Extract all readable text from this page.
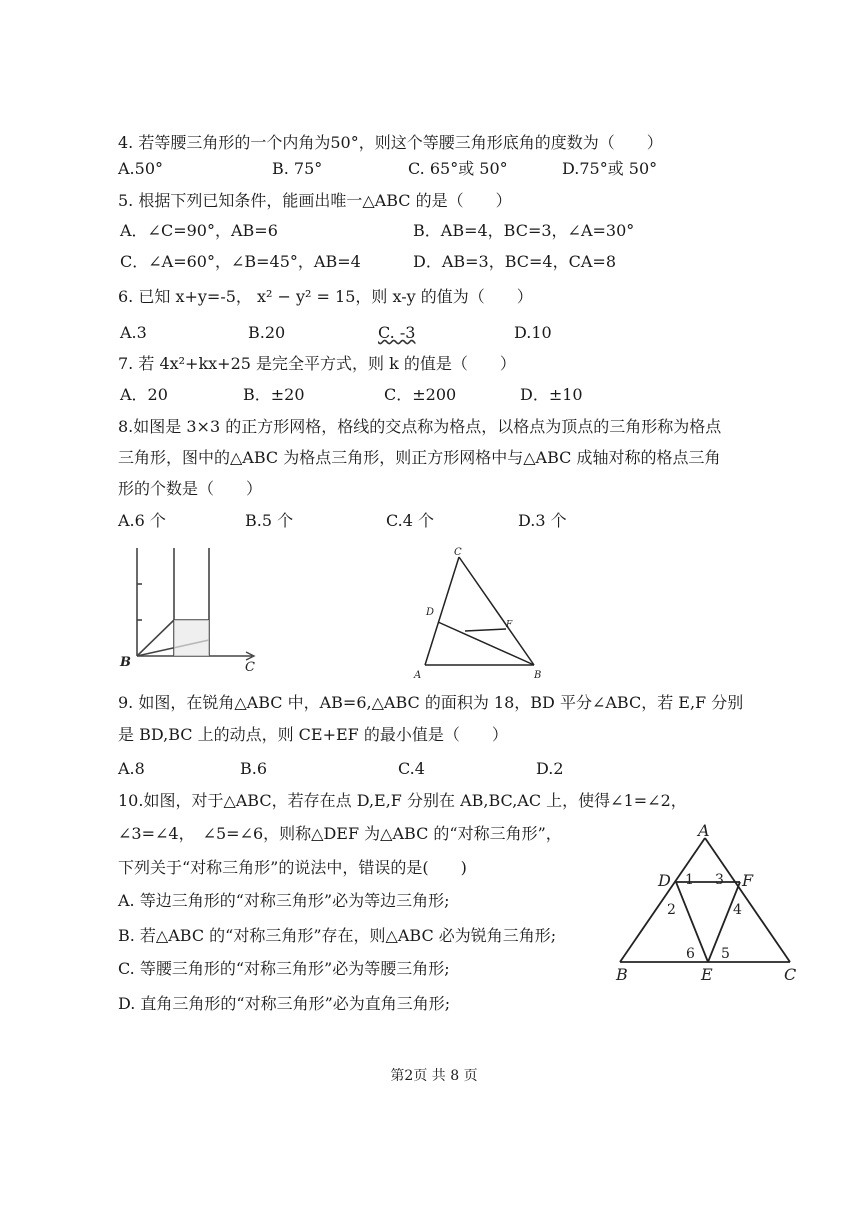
4. 若等腰三角形的一个内角为50°，则这个等腰三角形底角的度数为（　　）
A.50°	B. 75°	C. 65°或 50°	D.75°或 50°
5. 根据下列已知条件，能画出唯一△ABC 的是（　　）
A．∠C=90°，AB=6	B．AB=4，BC=3，∠A=30°
C．∠A=60°，∠B=45°，AB=4	D．AB=3，BC=4，CA=8
6. 已知 x+y=-5， x² − y² = 15，则 x-y 的值为（　　）
A.3	B.20	C. -3	D.10
7. 若 4x²+kx+25 是完全平方式，则 k 的值是（　　）
A．20	B．±20	C．±200	D．±10
8.如图是 3×3 的正方形网格，格线的交点称为格点，以格点为顶点的三角形称为格点
三角形，图中的△ABC 为格点三角形，则正方形网格中与△ABC 成轴对称的格点三角
形的个数是（　　）
A.6 个	B.5 个	C.4 个	D.3 个
B	C
C
D
F
A	B
9. 如图，在锐角△ABC 中，AB=6,△ABC 的面积为 18，BD 平分∠ABC，若 E,F 分别
是 BD,BC 上的动点，则 CE+EF 的最小值是（　　）
A.8	B.6	C.4	D.2
10.如图，对于△ABC，若存在点 D,E,F 分别在 AB,BC,AC 上，使得∠1=∠2，
∠3=∠4，　∠5=∠6，则称△DEF 为△ABC 的“对称三角形”，
下列关于“对称三角形”的说法中，错误的是(　　)
A. 等边三角形的“对称三角形”必为等边三角形;
B. 若△ABC 的“对称三角形”存在，则△ABC 必为锐角三角形;
C. 等腰三角形的“对称三角形”必为等腰三角形;
D. 直角三角形的“对称三角形”必为直角三角形;
A
D	F
B	E	C
1 3
2	4
6 5
第2页 共 8 页
